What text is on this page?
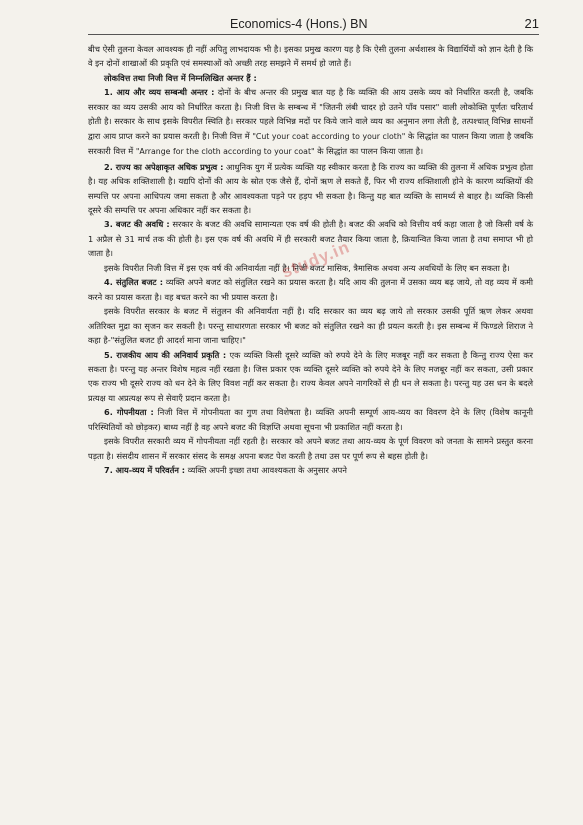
Economics-4 (Hons.) BN	21

बीच ऐसी तुलना केवल आवश्यक ही नहीं अपितु लाभदायक भी है। इसका प्रमुख कारण यह है कि ऐसी तुलना अर्थशास्त्र के विद्यार्थियों को ज्ञान देती है कि वे इन दोनों शाखाओं की प्रकृति एवं समस्याओं को अच्छी तरह समझने में समर्थ हो जाते हैं।

लोकवित्त तथा निजी वित्त में निम्नलिखित अन्तर हैं :

1. आय और व्यय सम्बन्धी अन्तर : दोनों के बीच अन्तर की प्रमुख बात यह है कि व्यक्ति की आय उसके व्यय को निर्धारित करती है, जबकि सरकार का व्यय उसकी आय को निर्धारित करता है। निजी वित्त के सम्बन्ध में "जितनी लंबी चादर हो उतने पाँव पसार" वाली लोकोक्ति पूर्णतः चरितार्थ होती है। सरकार के साथ इसके विपरीत स्थिति है। सरकार पहले विभिन्न मदों पर किये जाने वाले व्यय का अनुमान लगा लेती है, तत्पश्चात् विभिन्न साधनों द्वारा आय प्राप्त करने का प्रयास करती है। निजी वित्त में "Cut your coat according to your cloth" के सिद्धांत का पालन किया जाता है जबकि सरकारी वित्त में "Arrange for the cloth according to your coat" के सिद्धांत का पालन किया जाता है।

2. राज्य का अपेक्षाकृत अधिक प्रभुत्व : आधुनिक युग में प्रत्येक व्यक्ति यह स्वीकार करता है कि राज्य का व्यक्ति की तुलना में अधिक प्रभुत्व होता है। यह अधिक शक्तिशाली है। यद्यपि दोनों की आय के स्रोत एक जैसे हैं, दोनों ऋण ले सकते हैं, फिर भी राज्य शक्तिशाली होने के कारण व्यक्तियों की सम्पत्ति पर अपना आधिपत्य जमा सकता है और आवश्यकता पड़ने पर हड़प भी सकता है। किन्तु यह बात व्यक्ति के सामर्थ्य से बाहर है। व्यक्ति किसी दूसरे की सम्पत्ति पर अपना अधिकार नहीं कर सकता है।

3. बजट की अवधि : सरकार के बजट की अवधि सामान्यतः एक वर्ष की होती है। बजट की अवधि को वित्तीय वर्ष कहा जाता है जो किसी वर्ष के 1 अप्रैल से 31 मार्च तक की होती है। इस एक वर्ष की अवधि में ही सरकारी बजट तैयार किया जाता है, क्रियान्वित किया जाता है तथा समाप्त भी हो जाता है।

इसके विपरीत निजी वित्त में इस एक वर्ष की अनिवार्यता नहीं है। निजी बजट मासिक, त्रैमासिक अथवा अन्य अवधियों के लिए बन सकता है।

4. संतुलित बजट : व्यक्ति अपने बजट को संतुलित रखने का प्रयास करता है। यदि आय की तुलना में उसका व्यय बढ़ जाये, तो वह व्यय में कमी करने का प्रयास करता है। वह बचत करने का भी प्रयास करता है।

इसके विपरीत सरकार के बजट में संतुलन की अनिवार्यता नहीं है। यदि सरकार का व्यय बढ़ जाये तो सरकार उसकी पूर्ति ऋण लेकर अथवा अतिरिक्त मुद्रा का सृजन कर सकती है। परन्तु साधारणतः सरकार भी बजट को संतुलित रखने का ही प्रयत्न करती है। इस सम्बन्ध में फिण्डले शिराज ने कहा है-"संतुलित बजट ही आदर्श माना जाना चाहिए।"

5. राजकीय आय की अनिवार्य प्रकृति : एक व्यक्ति किसी दूसरे व्यक्ति को रुपये देने के लिए मजबूर नहीं कर सकता है किन्तु राज्य ऐसा कर सकता है। परन्तु यह अन्तर विशेष महत्व नहीं रखता है। जिस प्रकार एक व्यक्ति दूसरे व्यक्ति को रुपये देने के लिए मजबूर नहीं कर सकता, उसी प्रकार एक राज्य भी दूसरे राज्य को धन देने के लिए विवश नहीं कर सकता है। राज्य केवल अपने नागरिकों से ही धन ले सकता है। परन्तु यह उस धन के बदले प्रत्यक्ष या अप्रत्यक्ष रूप से सेवाएँ प्रदान करता है।

6. गोपनीयता : निजी वित्त में गोपनीयता का गुण तथा विशेषता है। व्यक्ति अपनी सम्पूर्ण आय-व्यय का विवरण देने के लिए (विशेष कानूनी परिस्थितियों को छोड़कर) बाध्य नहीं है वह अपने बजट की विज्ञप्ति अथवा सूचना भी प्रकाशित नहीं करता है।

इसके विपरीत सरकारी व्यय में गोपनीयता नहीं रहती है। सरकार को अपने बजट तथा आय-व्यय के पूर्ण विवरण को जनता के सामने प्रस्तुत करना पड़ता है। संसदीय शासन में सरकार संसद के समक्ष अपना बजट पेश करती है तथा उस पर पूर्ण रूप से बहस होती है।

7. आय-व्यय में परिवर्तन : व्यक्ति अपनी इच्छा तथा आवश्यकता के अनुसार अपने

study.in
